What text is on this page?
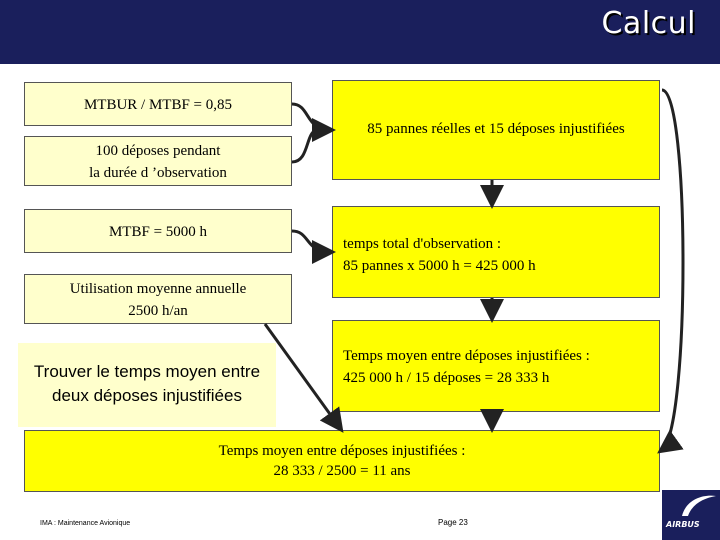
Calcul
MTBUR / MTBF = 0,85
100 déposes pendant
la durée d ’observation
MTBF = 5000 h
Utilisation moyenne annuelle
2500 h/an
Trouver le temps moyen entre
deux déposes injustifiées
85 pannes réelles et 15 déposes injustifiées
temps total d'observation :
85 pannes x 5000 h = 425 000 h
Temps moyen entre déposes injustifiées :
425 000 h / 15 déposes = 28 333 h
Temps moyen entre déposes injustifiées :
28 333 / 2500 = 11 ans
IMA : Maintenance Avionique	Page 23	AIRBUS
